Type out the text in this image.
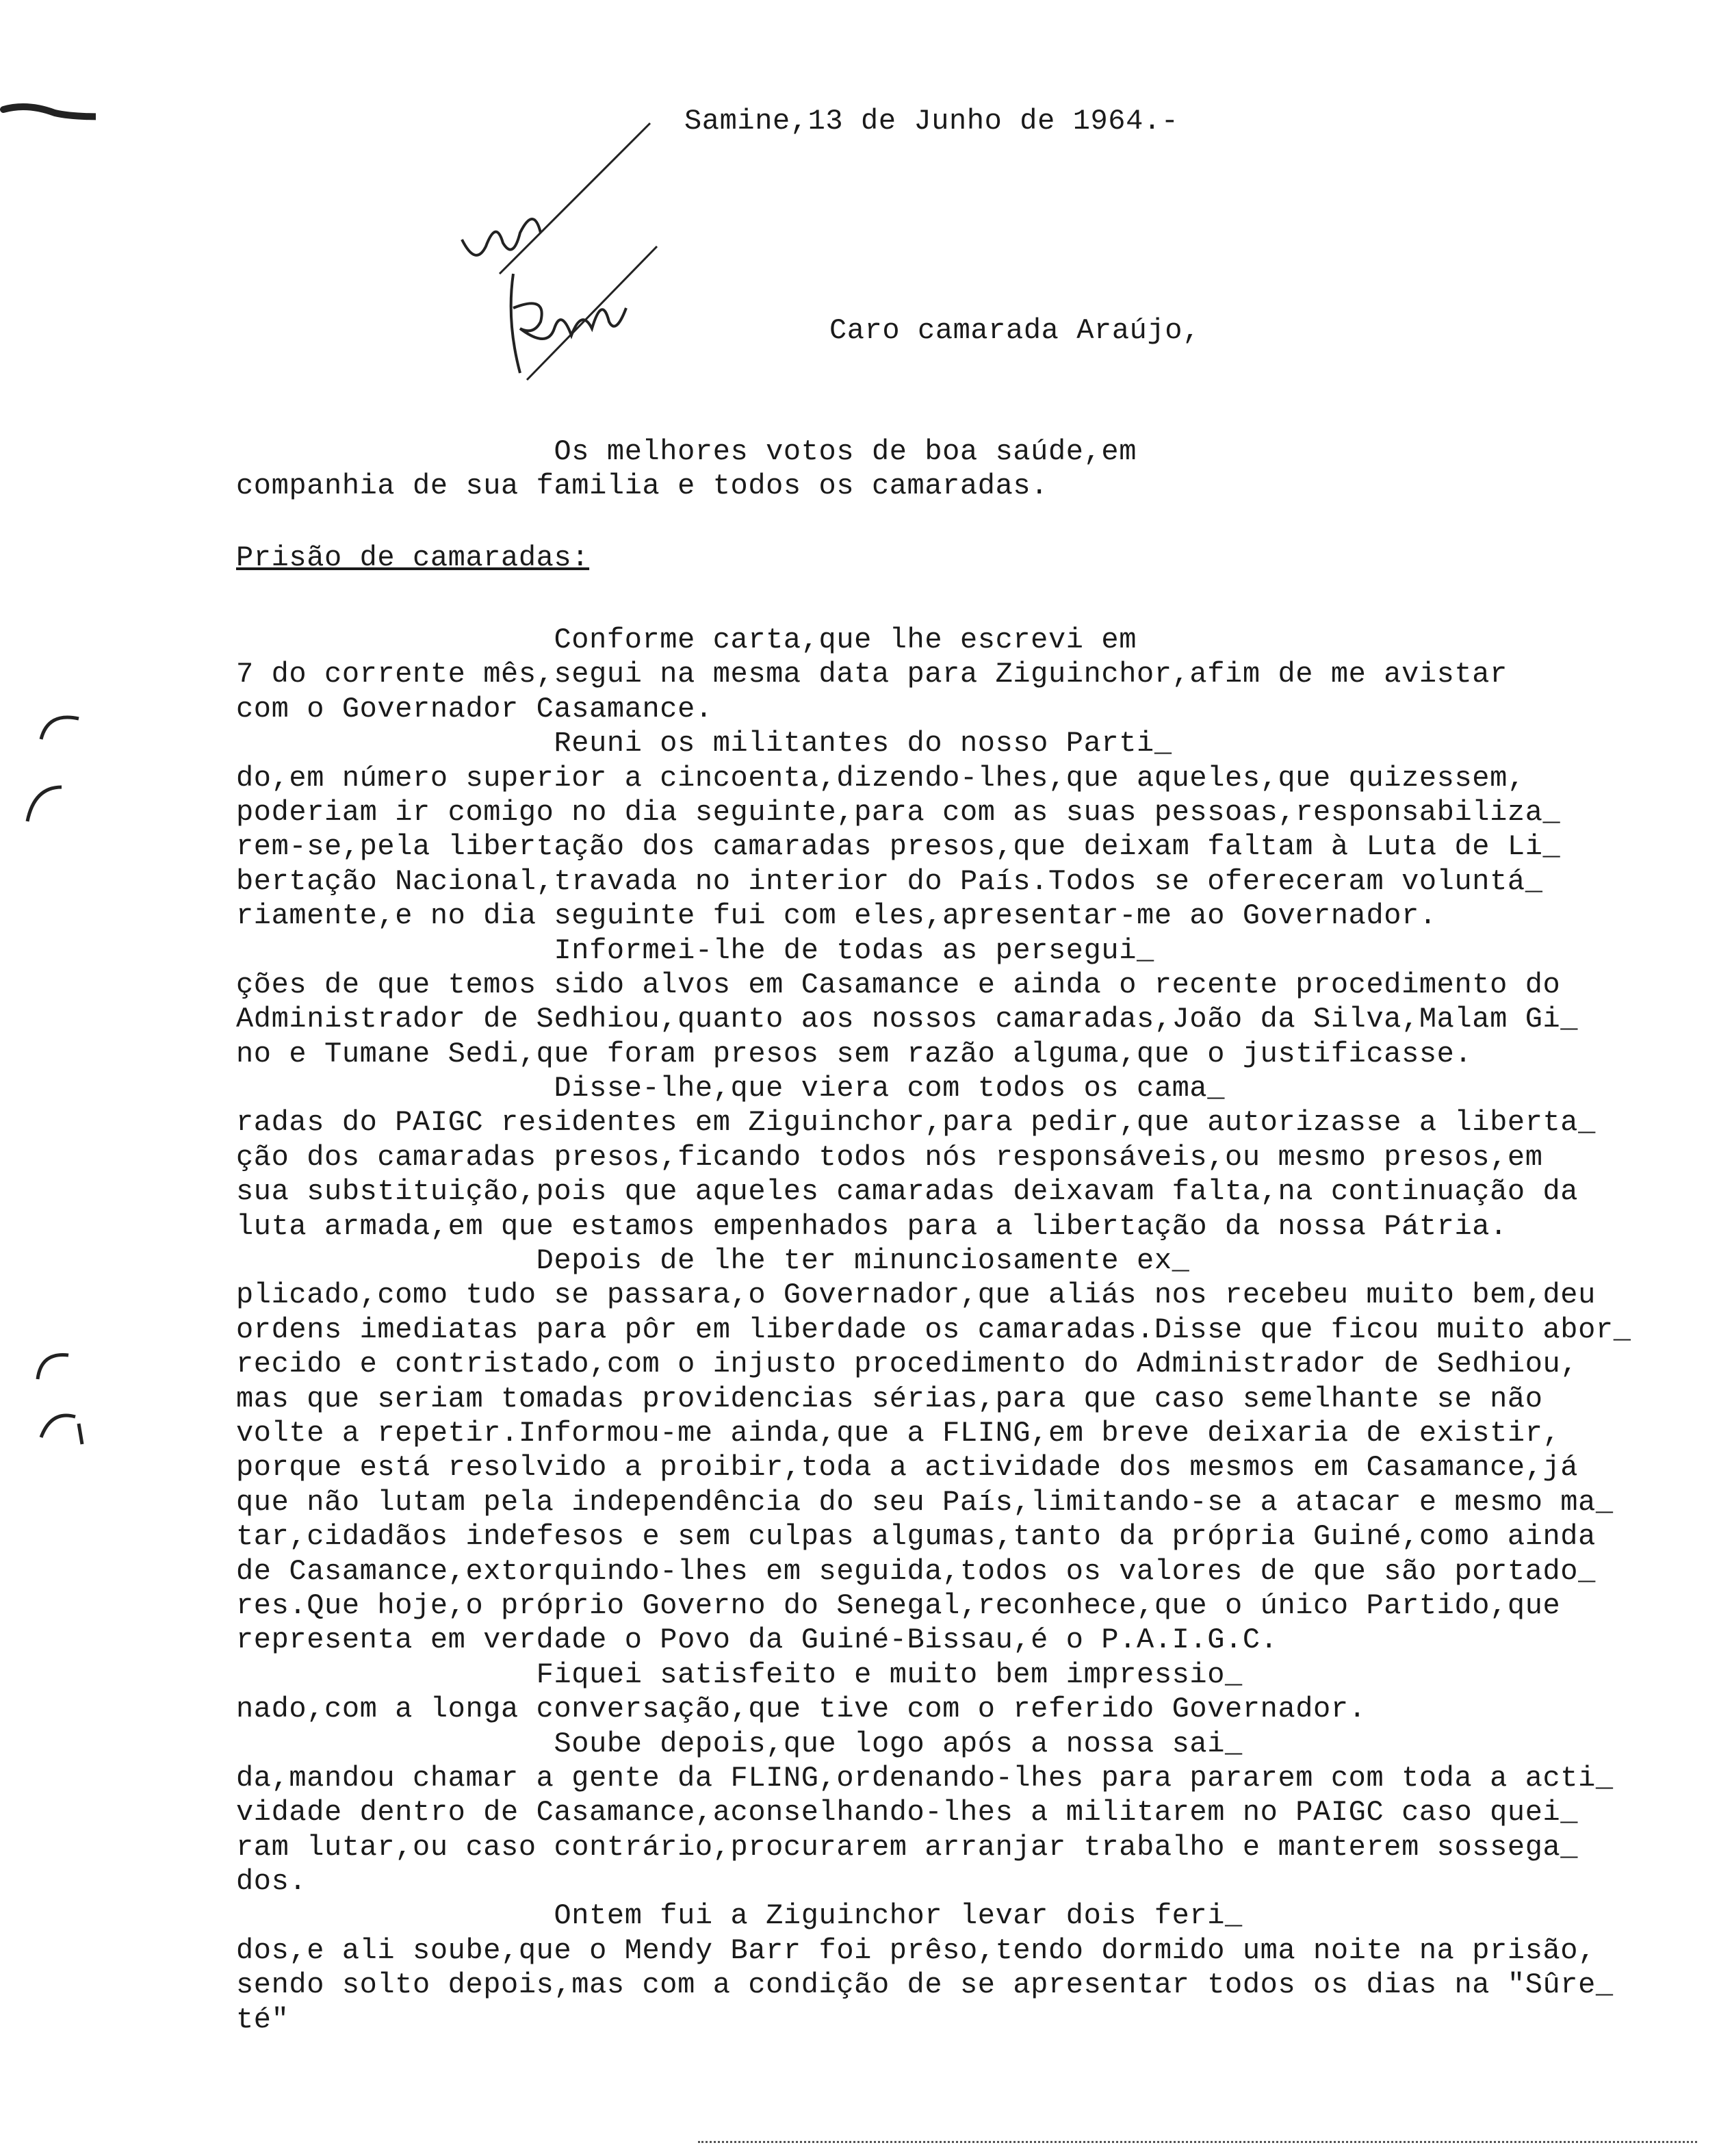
Samine,13 de Junho de 1964.-
Caro camarada Araújo,
Os melhores votos de boa saúde,em
companhia de sua familia e todos os camaradas.
Prisão de camaradas:
Conforme carta,que lhe escrevi em
7 do corrente mês,segui na mesma data para Ziguinchor,afim de me avistar
com o Governador Casamance.
Reuni os militantes do nosso Parti_
do,em número superior a cincoenta,dizendo-lhes,que aqueles,que quizessem,
poderiam ir comigo no dia seguinte,para com as suas pessoas,responsabiliza_
rem-se,pela libertação dos camaradas presos,que deixam faltam à Luta de Li_
bertação Nacional,travada no interior do País.Todos se ofereceram voluntá_
riamente,e no dia seguinte fui com eles,apresentar-me ao Governador.
Informei-lhe de todas as persegui_
ções de que temos sido alvos em Casamance e ainda o recente procedimento do
Administrador de Sedhiou,quanto aos nossos camaradas,João da Silva,Malam Gi_
no e Tumane Sedi,que foram presos sem razão alguma,que o justificasse.
Disse-lhe,que viera com todos os cama_
radas do PAIGC residentes em Ziguinchor,para pedir,que autorizasse a liberta_
ção dos camaradas presos,ficando todos nós responsáveis,ou mesmo presos,em
sua substituição,pois que aqueles camaradas deixavam falta,na continuação da
luta armada,em que estamos empenhados para a libertação da nossa Pátria.
Depois de lhe ter minunciosamente ex_
plicado,como tudo se passara,o Governador,que aliás nos recebeu muito bem,deu
ordens imediatas para pôr em liberdade os camaradas.Disse que ficou muito abor_
recido e contristado,com o injusto procedimento do Administrador de Sedhiou,
mas que seriam tomadas providencias sérias,para que caso semelhante se não
volte a repetir.Informou-me ainda,que a FLING,em breve deixaria de existir,
porque está resolvido a proibir,toda a actividade dos mesmos em Casamance,já
que não lutam pela independência do seu País,limitando-se a atacar e mesmo ma_
tar,cidadãos indefesos e sem culpas algumas,tanto da própria Guiné,como ainda
de Casamance,extorquindo-lhes em seguida,todos os valores de que são portado_
res.Que hoje,o próprio Governo do Senegal,reconhece,que o único Partido,que
representa em verdade o Povo da Guiné-Bissau,é o P.A.I.G.C.
Fiquei satisfeito e muito bem impressio_
nado,com a longa conversação,que tive com o referido Governador.
Soube depois,que logo após a nossa sai_
da,mandou chamar a gente da FLING,ordenando-lhes para pararem com toda a acti_
vidade dentro de Casamance,aconselhando-lhes a militarem no PAIGC caso quei_
ram lutar,ou caso contrário,procurarem arranjar trabalho e manterem sossega_
dos.
Ontem fui a Ziguinchor levar dois feri_
dos,e ali soube,que o Mendy Barr foi prêso,tendo dormido uma noite na prisão,
sendo solto depois,mas com a condição de se apresentar todos os dias na "Sûre_
té"
